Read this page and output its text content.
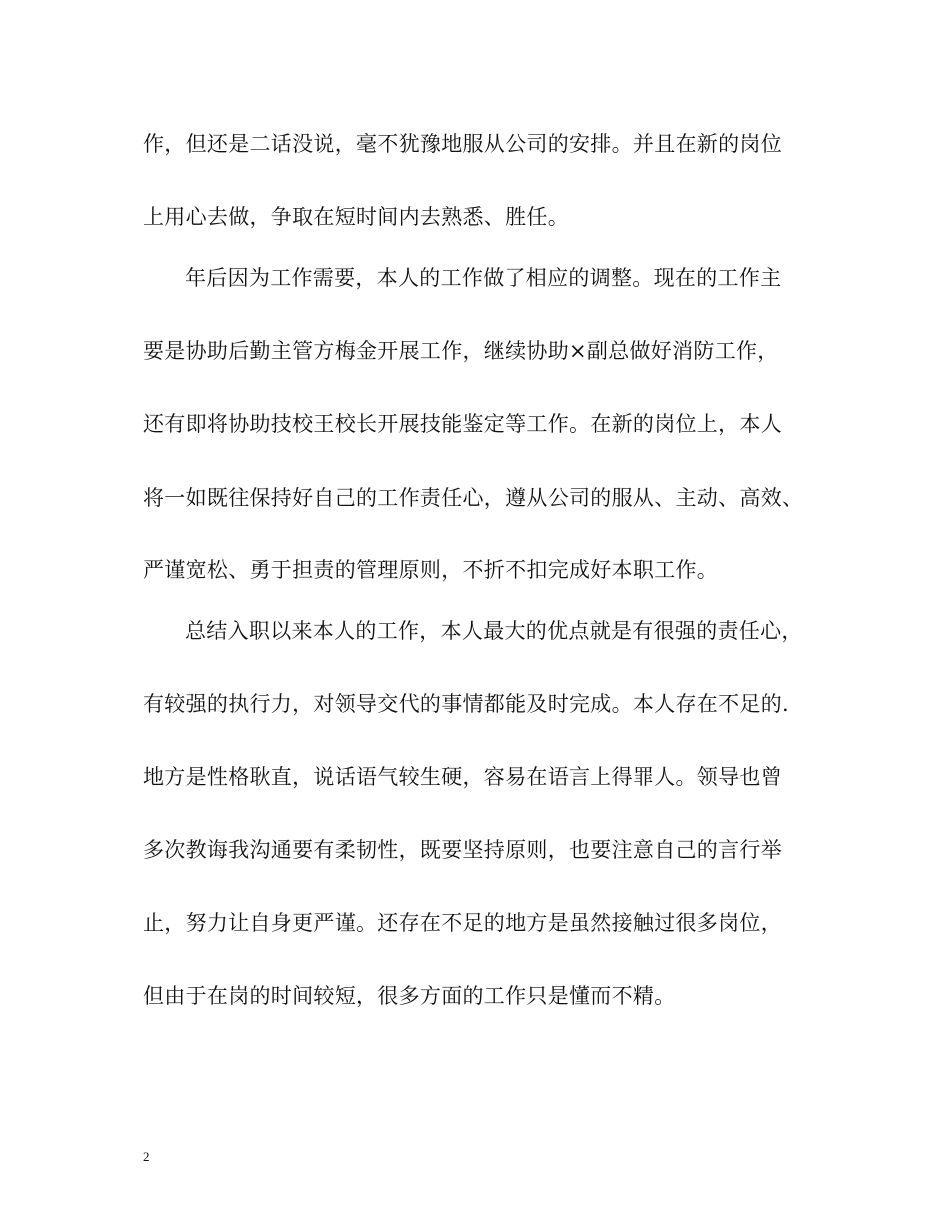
作，但还是二话没说，毫不犹豫地服从公司的安排。并且在新的岗位
上用心去做，争取在短时间内去熟悉、胜任。
年后因为工作需要，本人的工作做了相应的调整。现在的工作主
要是协助后勤主管方梅金开展工作，继续协助×副总做好消防工作，
还有即将协助技校王校长开展技能鉴定等工作。在新的岗位上，本人
将一如既往保持好自己的工作责任心，遵从公司的服从、主动、高效、
严谨宽松、勇于担责的管理原则，不折不扣完成好本职工作。
总结入职以来本人的工作，本人最大的优点就是有很强的责任心，
有较强的执行力，对领导交代的事情都能及时完成。本人存在不足的.
地方是性格耿直，说话语气较生硬，容易在语言上得罪人。领导也曾
多次教诲我沟通要有柔韧性，既要坚持原则，也要注意自己的言行举
止，努力让自身更严谨。还存在不足的地方是虽然接触过很多岗位，
但由于在岗的时间较短，很多方面的工作只是懂而不精。
2
